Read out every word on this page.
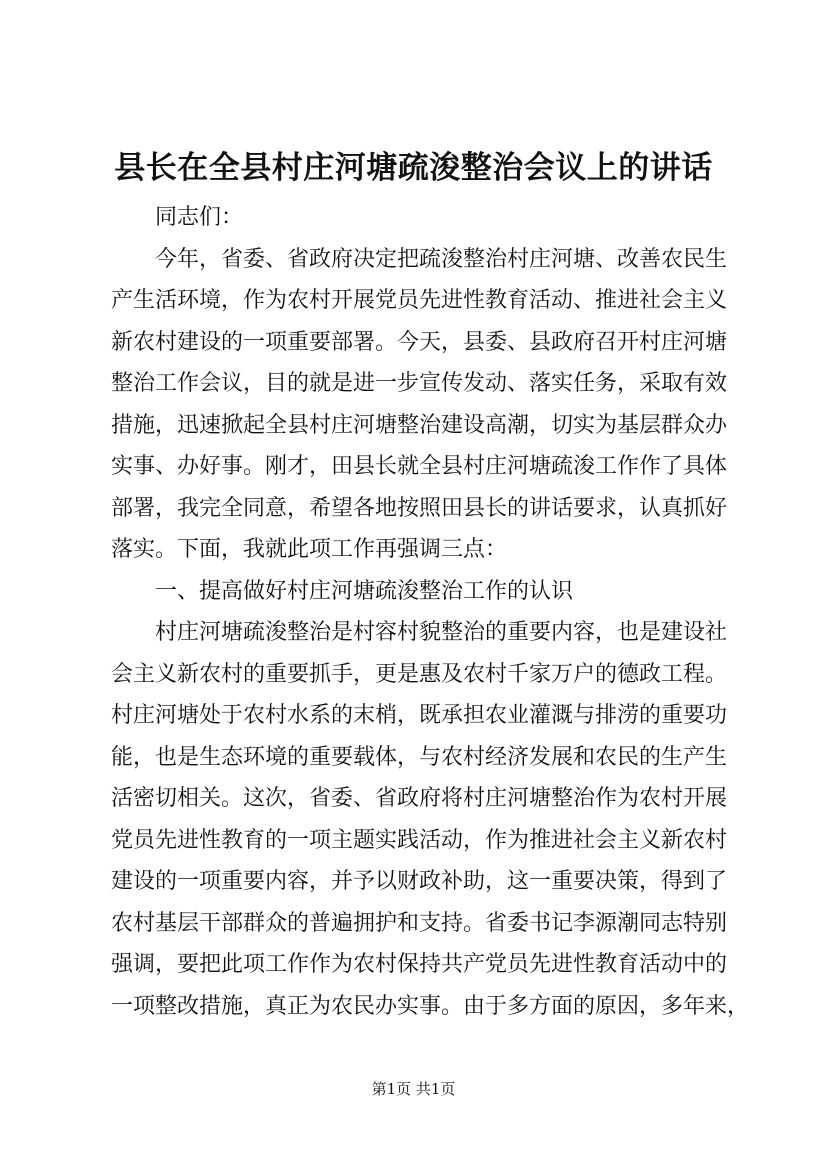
县长在全县村庄河塘疏浚整治会议上的讲话
同志们：
今年，省委、省政府决定把疏浚整治村庄河塘、改善农民生
产生活环境，作为农村开展党员先进性教育活动、推进社会主义
新农村建设的一项重要部署。今天，县委、县政府召开村庄河塘
整治工作会议，目的就是进一步宣传发动、落实任务，采取有效
措施，迅速掀起全县村庄河塘整治建设高潮，切实为基层群众办
实事、办好事。刚才，田县长就全县村庄河塘疏浚工作作了具体
部署，我完全同意，希望各地按照田县长的讲话要求，认真抓好
落实。下面，我就此项工作再强调三点：
一、提高做好村庄河塘疏浚整治工作的认识
村庄河塘疏浚整治是村容村貌整治的重要内容，也是建设社
会主义新农村的重要抓手，更是惠及农村千家万户的德政工程。
村庄河塘处于农村水系的末梢，既承担农业灌溉与排涝的重要功
能，也是生态环境的重要载体，与农村经济发展和农民的生产生
活密切相关。这次，省委、省政府将村庄河塘整治作为农村开展
党员先进性教育的一项主题实践活动，作为推进社会主义新农村
建设的一项重要内容，并予以财政补助，这一重要决策，得到了
农村基层干部群众的普遍拥护和支持。省委书记李源潮同志特别
强调，要把此项工作作为农村保持共产党员先进性教育活动中的
一项整改措施，真正为农民办实事。由于多方面的原因，多年来，
第1页 共1页
